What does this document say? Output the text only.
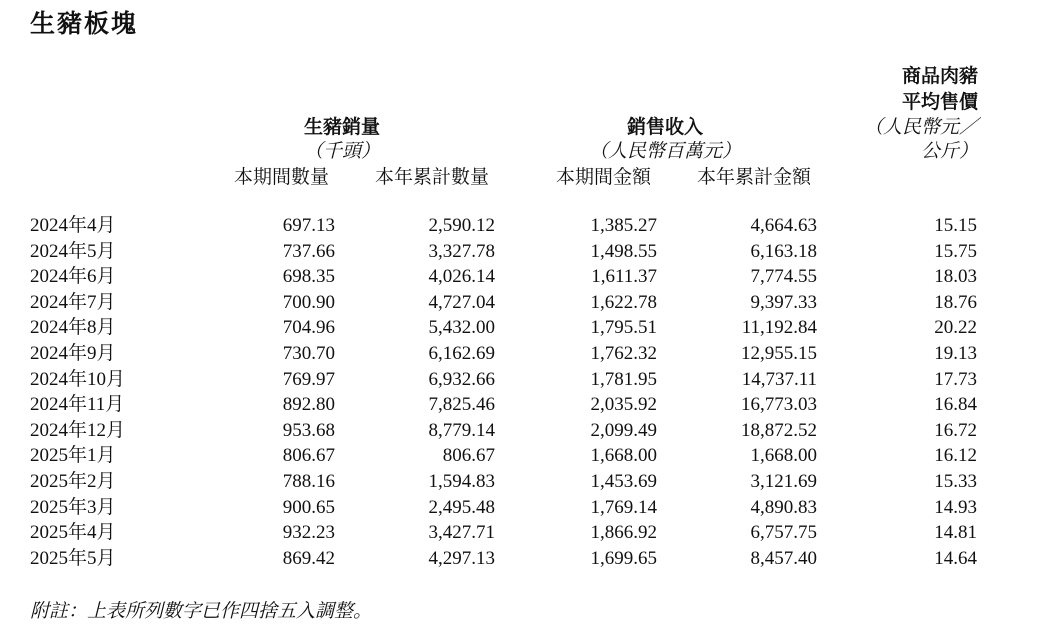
生豬板塊
生豬銷量
（千頭）
本期間數量 本年累計數量
銷售收入
（人民幣百萬元）
本期間金額 本年累計金額
商品肉豬
平均售價
（人民幣元／
公斤）
2024年4月	697.13	2,590.12	1,385.27	4,664.63	15.15
2024年5月	737.66	3,327.78	1,498.55	6,163.18	15.75
2024年6月	698.35	4,026.14	1,611.37	7,774.55	18.03
2024年7月	700.90	4,727.04	1,622.78	9,397.33	18.76
2024年8月	704.96	5,432.00	1,795.51	11,192.84	20.22
2024年9月	730.70	6,162.69	1,762.32	12,955.15	19.13
2024年10月	769.97	6,932.66	1,781.95	14,737.11	17.73
2024年11月	892.80	7,825.46	2,035.92	16,773.03	16.84
2024年12月	953.68	8,779.14	2,099.49	18,872.52	16.72
2025年1月	806.67	806.67	1,668.00	1,668.00	16.12
2025年2月	788.16	1,594.83	1,453.69	3,121.69	15.33
2025年3月	900.65	2,495.48	1,769.14	4,890.83	14.93
2025年4月	932.23	3,427.71	1,866.92	6,757.75	14.81
2025年5月	869.42	4,297.13	1,699.65	8,457.40	14.64
附註：上表所列數字已作四捨五入調整。
